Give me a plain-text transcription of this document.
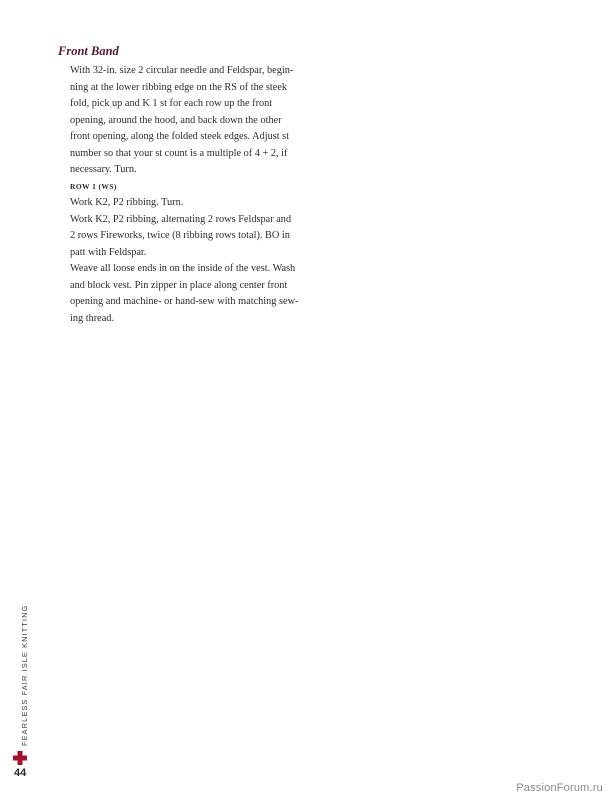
Front Band

With 32-in. size 2 circular needle and Feldspar, begin-
ning at the lower ribbing edge on the RS of the steek
fold, pick up and K 1 st for each row up the front
opening, around the hood, and back down the other
front opening, along the folded steek edges. Adjust st
number so that your st count is a multiple of 4 + 2, if
necessary. Turn.

ROW 1 (WS)

Work K2, P2 ribbing. Turn.

Work K2, P2 ribbing, alternating 2 rows Feldspar and
2 rows Fireworks, twice (8 ribbing rows total). BO in
patt with Feldspar.

Weave all loose ends in on the inside of the vest. Wash
and block vest. Pin zipper in place along center front
opening and machine- or hand-sew with matching sew-
ing thread.

FEARLESS FAIR ISLE KNITTING
44
PassionForum.ru
